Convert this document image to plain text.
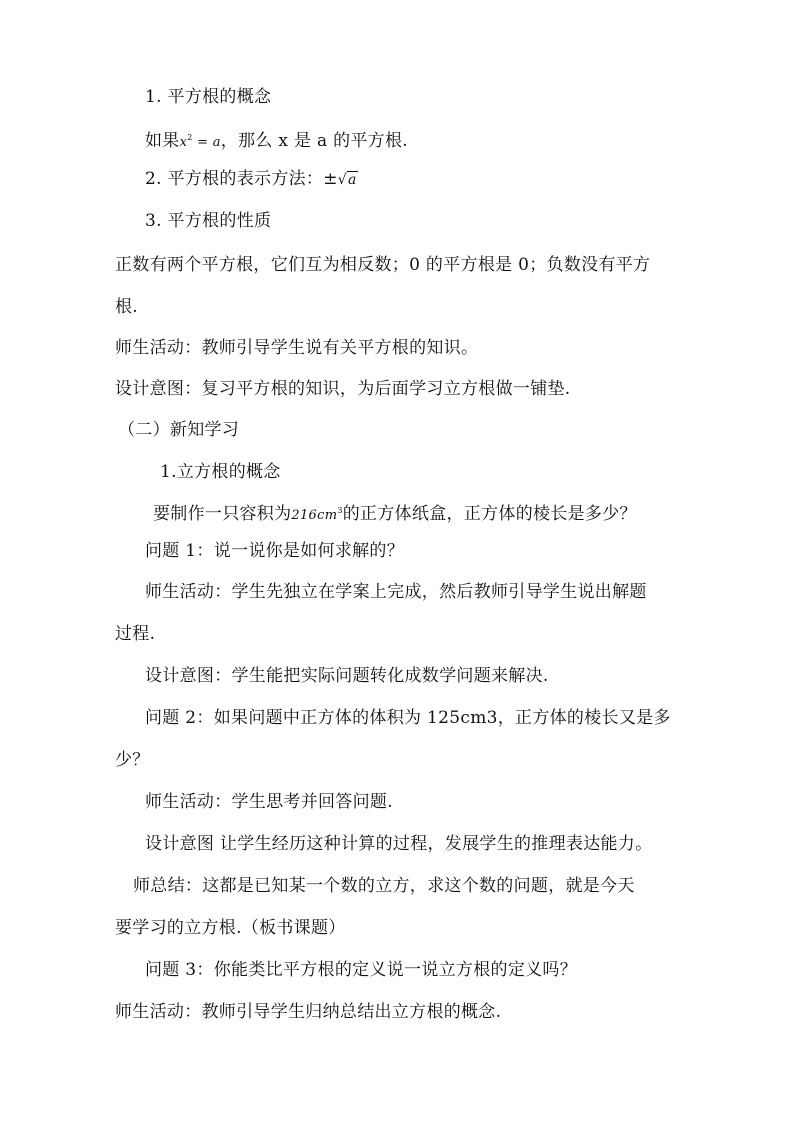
1. 平方根的概念
如果$x^2 = a$，那么 x 是 a 的平方根.
2. 平方根的表示方法：±√a
3. 平方根的性质
正数有两个平方根，它们互为相反数；0 的平方根是 0；负数没有平方
根.
师生活动：教师引导学生说有关平方根的知识。
设计意图：复习平方根的知识，为后面学习立方根做一铺垫.
（二）新知学习
1.立方根的概念
要制作一只容积为$216cm^3$的正方体纸盒，正方体的棱长是多少？
问题 1：说一说你是如何求解的？
师生活动：学生先独立在学案上完成，然后教师引导学生说出解题
过程.
设计意图：学生能把实际问题转化成数学问题来解决.
问题 2：如果问题中正方体的体积为 125cm3，正方体的棱长又是多
少？
师生活动：学生思考并回答问题.
设计意图 让学生经历这种计算的过程，发展学生的推理表达能力。
师总结：这都是已知某一个数的立方，求这个数的问题，就是今天
要学习的立方根.（板书课题）
问题 3：你能类比平方根的定义说一说立方根的定义吗？
师生活动：教师引导学生归纳总结出立方根的概念.
